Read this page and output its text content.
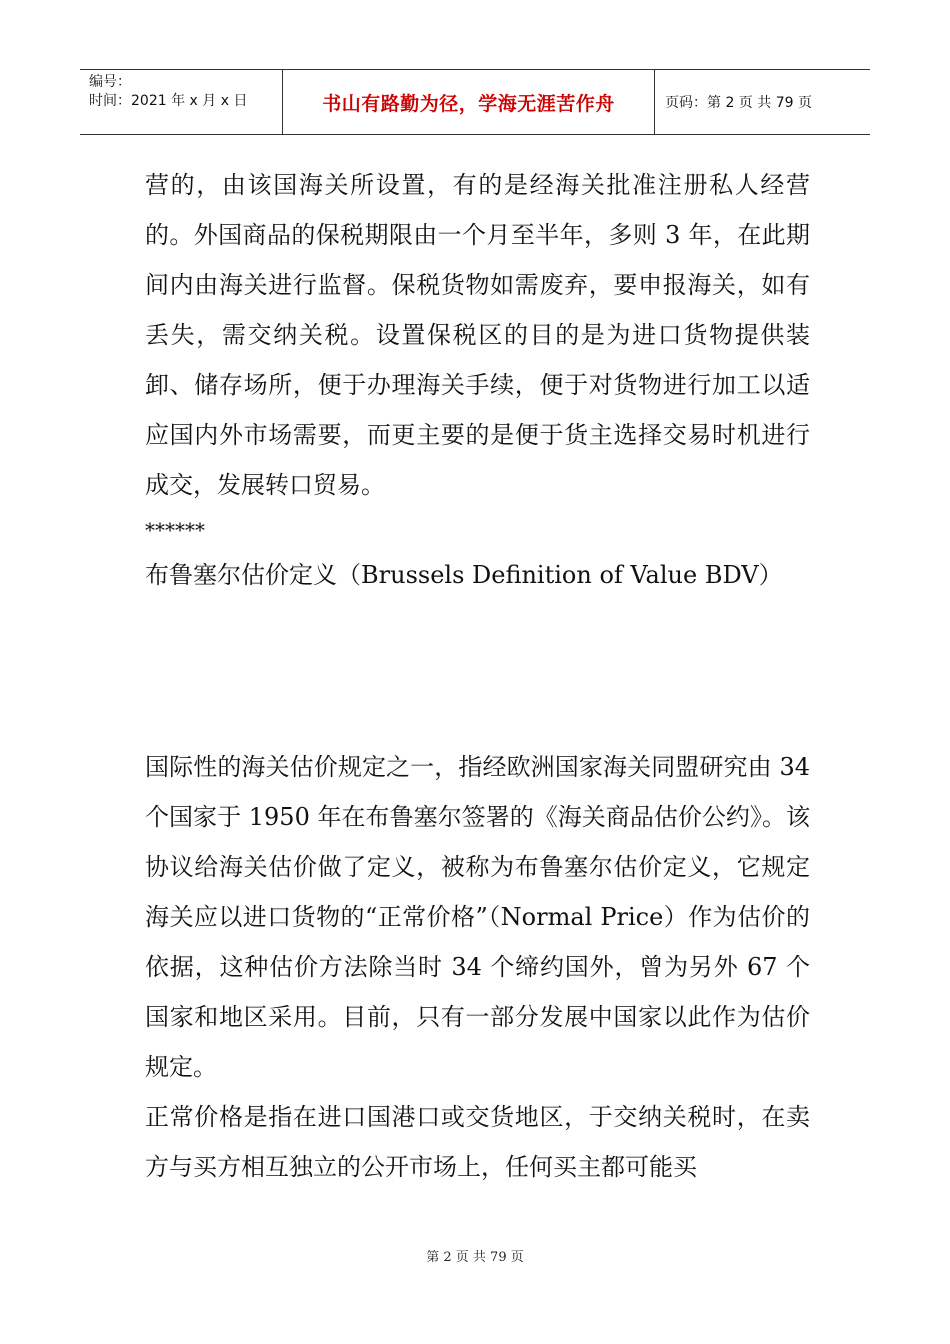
编号：
时间：2021 年 x 月 x 日	书山有路勤为径，学海无涯苦作舟	页码：第 2 页 共 79 页

营的，由该国海关所设置，有的是经海关批准注册私人经营的。外国商品的保税期限由一个月至半年，多则 3 年，在此期间内由海关进行监督。保税货物如需废弃，要申报海关，如有丢失，需交纳关税。设置保税区的目的是为进口货物提供装卸、储存场所，便于办理海关手续，便于对货物进行加工以适应国内外市场需要，而更主要的是便于货主选择交易时机进行成交，发展转口贸易。

******

布鲁塞尔估价定义（Brussels Definition of Value BDV）

国际性的海关估价规定之一，指经欧洲国家海关同盟研究由 34 个国家于 1950 年在布鲁塞尔签署的《海关商品估价公约》。该协议给海关估价做了定义，被称为布鲁塞尔估价定义，它规定海关应以进口货物的“正常价格”（Normal Price）作为估价的依据，这种估价方法除当时 34 个缔约国外，曾为另外 67 个国家和地区采用。目前，只有一部分发展中国家以此作为估价规定。

正常价格是指在进口国港口或交货地区，于交纳关税时，在卖方与买方相互独立的公开市场上，任何买主都可能买

第 2 页 共 79 页
